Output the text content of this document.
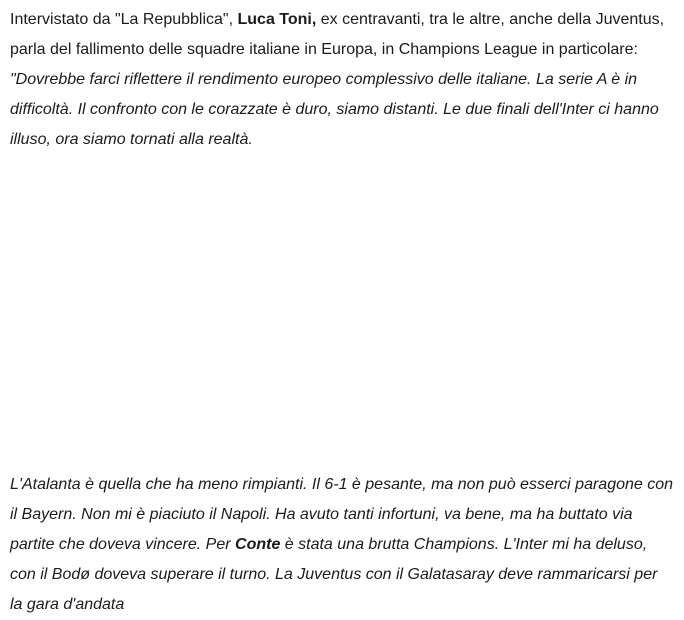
Intervistato da "La Repubblica", Luca Toni, ex centravanti, tra le altre, anche della Juventus, parla del fallimento delle squadre italiane in Europa, in Champions League in particolare: "Dovrebbe farci riflettere il rendimento europeo complessivo delle italiane. La serie A è in difficoltà. Il confronto con le corazzate è duro, siamo distanti. Le due finali dell'Inter ci hanno illuso, ora siamo tornati alla realtà.

L'Atalanta è quella che ha meno rimpianti. Il 6-1 è pesante, ma non può esserci paragone con il Bayern. Non mi è piaciuto il Napoli. Ha avuto tanti infortuni, va bene, ma ha buttato via partite che doveva vincere. Per Conte è stata una brutta Champions. L'Inter mi ha deluso, con il Bodø doveva superare il turno. La Juventus con il Galatasaray deve rammaricarsi per la gara d'andata
